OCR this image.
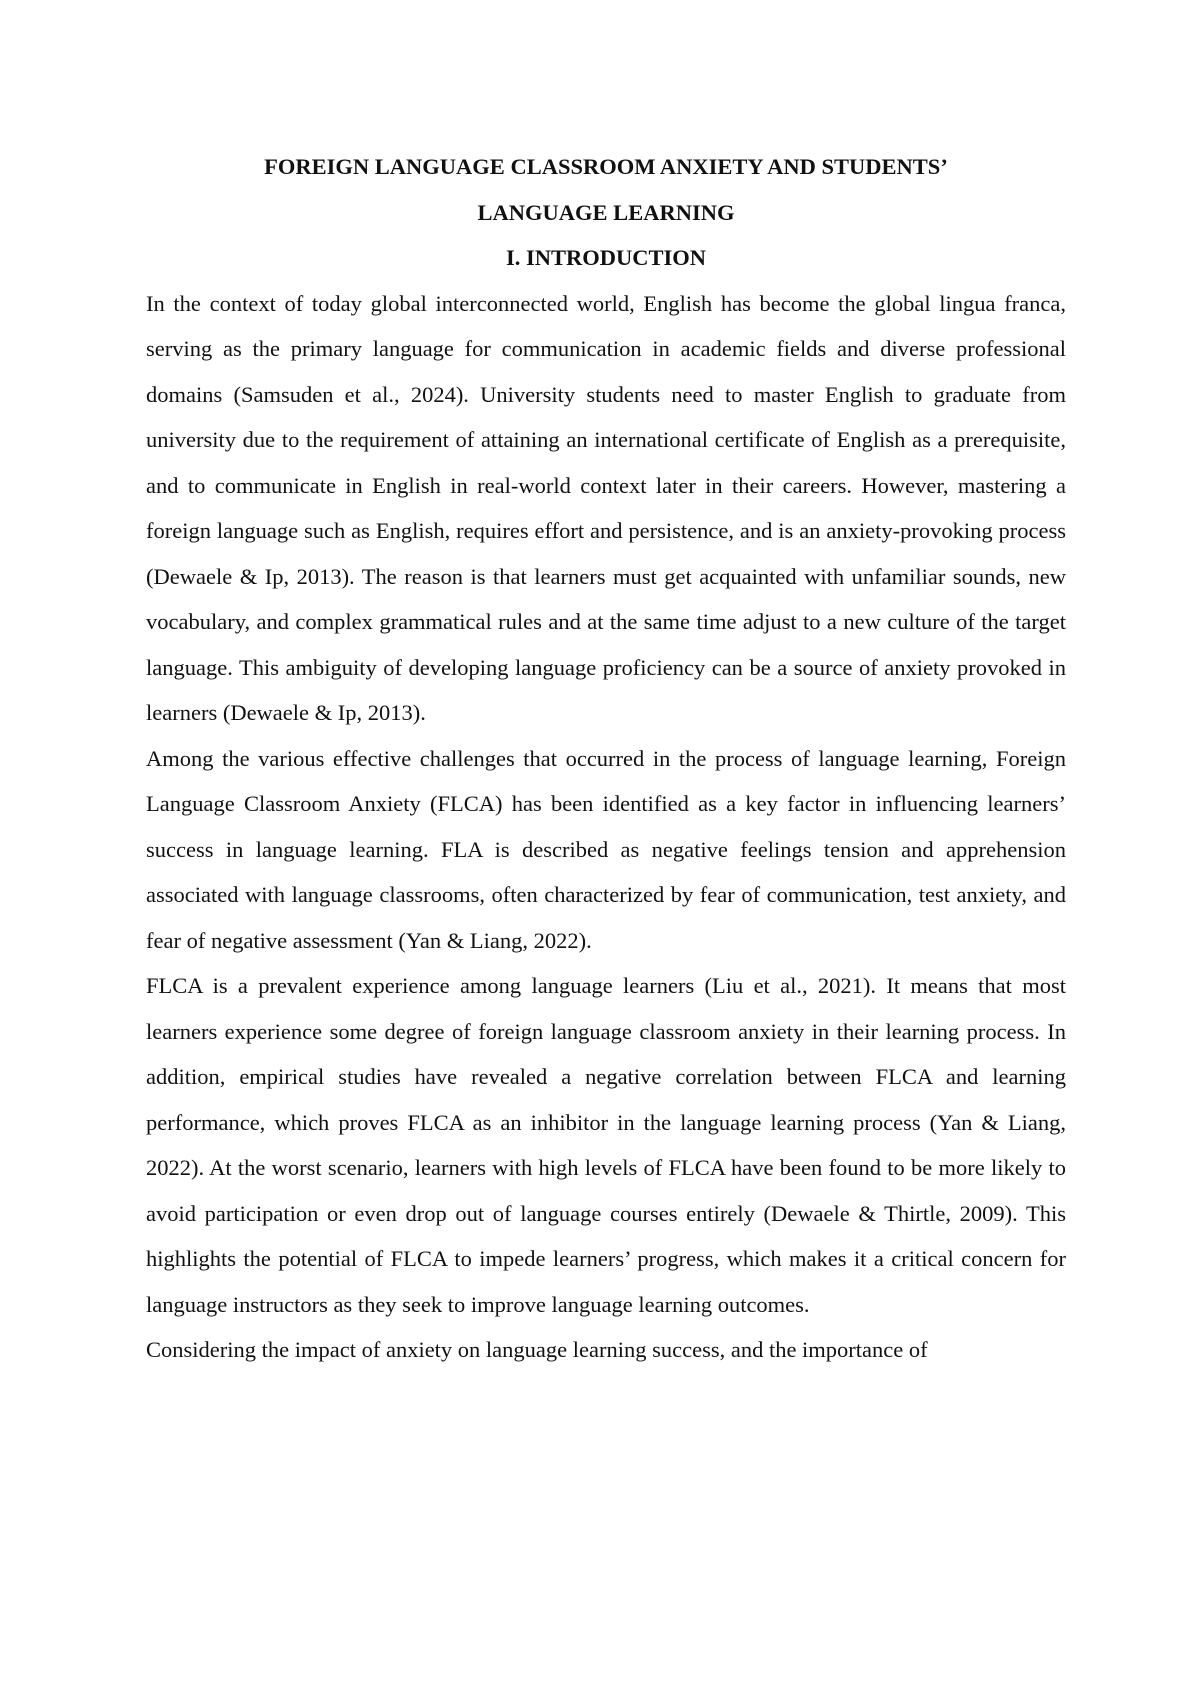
FOREIGN LANGUAGE CLASSROOM ANXIETY AND STUDENTS’

LANGUAGE LEARNING

I. INTRODUCTION

In the context of today global interconnected world, English has become the global lingua franca, serving as the primary language for communication in academic fields and diverse professional domains (Samsuden et al., 2024). University students need to master English to graduate from university due to the requirement of attaining an international certificate of English as a prerequisite, and to communicate in English in real-world context later in their careers. However, mastering a foreign language such as English, requires effort and persistence, and is an anxiety-provoking process (Dewaele & Ip, 2013). The reason is that learners must get acquainted with unfamiliar sounds, new vocabulary, and complex grammatical rules and at the same time adjust to a new culture of the target language. This ambiguity of developing language proficiency can be a source of anxiety provoked in learners (Dewaele & Ip, 2013).

Among the various effective challenges that occurred in the process of language learning, Foreign Language Classroom Anxiety (FLCA) has been identified as a key factor in influencing learners’ success in language learning. FLA is described as negative feelings tension and apprehension associated with language classrooms, often characterized by fear of communication, test anxiety, and fear of negative assessment (Yan & Liang, 2022).

FLCA is a prevalent experience among language learners (Liu et al., 2021). It means that most learners experience some degree of foreign language classroom anxiety in their learning process. In addition, empirical studies have revealed a negative correlation between FLCA and learning performance, which proves FLCA as an inhibitor in the language learning process (Yan & Liang, 2022). At the worst scenario, learners with high levels of FLCA have been found to be more likely to avoid participation or even drop out of language courses entirely (Dewaele & Thirtle, 2009). This highlights the potential of FLCA to impede learners’ progress, which makes it a critical concern for language instructors as they seek to improve language learning outcomes.

Considering the impact of anxiety on language learning success, and the importance of
